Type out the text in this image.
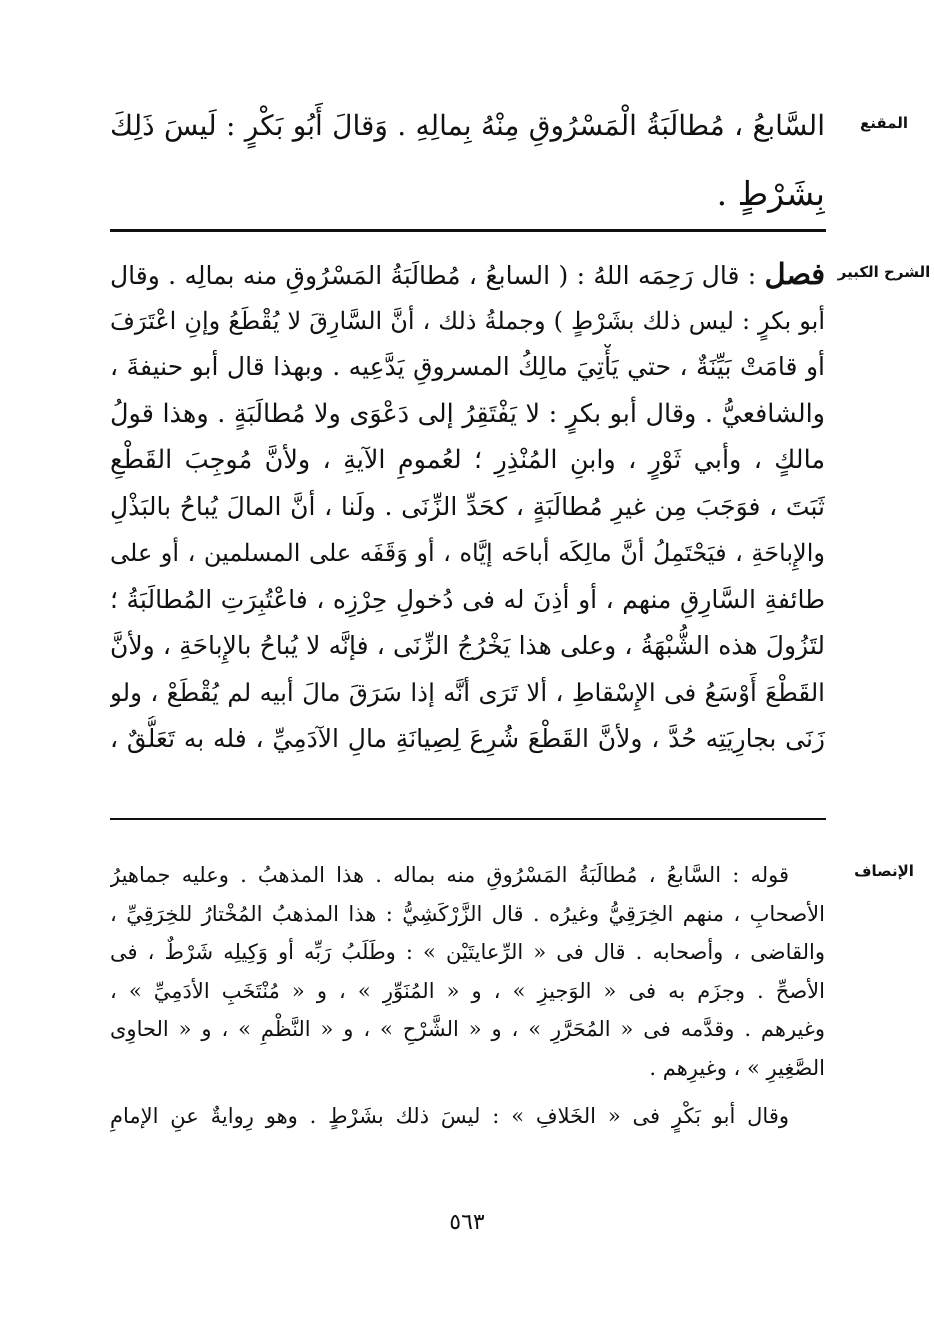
المقنع
السَّابعُ ، مُطالَبَةُ الْمَسْرُوقِ مِنْهُ بِمالِهِ . وَقالَ أَبُو بَكْرٍ : لَيسَ ذَلِكَ
بِشَرْطٍ .
الشرح الكبير
فصل : قال رَحِمَه اللهُ : ( السابعُ ، مُطالَبَةُ المَسْرُوقِ منه بمالِه . وقال
أبو بكرٍ : ليس ذلك بشَرْطٍ ) وجملةُ ذلك ، أنَّ السَّارِقَ لا يُقْطَعُ وإنِ اعْتَرَفَ
أو قامَتْ بَيِّنَةٌ ، حتي يَأْتِيَ مالِكُ المسروقِ يَدَّعِيه . وبهذا قال أبو حنيفةَ ،
والشافعيُّ . وقال أبو بكرٍ : لا يَفْتَقِرُ إلى دَعْوَى ولا مُطالَبَةٍ . وهذا قولُ
مالكٍ ، وأبي ثَوْرٍ ، وابنِ المُنْذِرِ ؛ لعُمومِ الآيةِ ، ولأنَّ مُوجِبَ القَطْعِ
ثَبَتَ ، فوَجَبَ مِن غيرِ مُطالَبَةٍ ، كحَدِّ الزِّنَى . ولَنا ، أنَّ المالَ يُباحُ بالبَذْلِ
والإِباحَةِ ، فيَحْتَمِلُ أنَّ مالِكَه أباحَه إيَّاه ، أو وَقَفَه على المسلمين ، أو على
طائفةِ السَّارِقِ منهم ، أو أذِنَ له فى دُخولِ حِرْزِه ، فاعْتُبِرَتِ المُطالَبَةُ ؛
لتَزُولَ هذه الشُّبْهَةُ ، وعلى هذا يَخْرُجُ الزِّنَى ، فإنَّه لا يُباحُ بالإِباحَةِ ، ولأنَّ
القَطْعَ أَوْسَعُ فى الإِسْقاطِ ، ألا تَرَى أنَّه إذا سَرَقَ مالَ أبيه لم يُقْطَعْ ، ولو
زَنَى بجارِيَتِه حُدَّ ، ولأنَّ القَطْعَ شُرِعَ لِصِيانَةِ مالِ الآدَمِيِّ ، فله به تَعَلُّقٌ ،
الإنصاف
قوله : السَّابعُ ، مُطالَبَةُ المَسْرُوقِ منه بماله . هذا المذهبُ . وعليه جماهيرُ
الأصحابِ ، منهم الخِرَقِيُّ وغيرُه . قال الزَّرْكَشِيُّ : هذا المذهبُ المُخْتارُ للخِرَقِيِّ ،
والقاضى ، وأصحابه . قال فى « الرِّعايتَيْن » : وطَلَبُ رَبِّه أو وَكِيلِه شَرْطٌ ، فى
الأصحِّ . وجزَم به فى « الوَجيزِ » ، و « المُنَوِّرِ » ، و « مُنْتَخَبِ الأدَمِيِّ » ،
وغيرهم . وقدَّمه فى « المُحَرَّرِ » ، و « الشَّرْحِ » ، و « النَّظْمِ » ، و « الحاوِى
الصَّغِيرِ » ، وغيرِهم .
وقال أبو بَكْرٍ فى « الخَلافِ » : ليسَ ذلك بشَرْطٍ . وهو رِوايةٌ عنِ الإمامِ
٥٦٣
